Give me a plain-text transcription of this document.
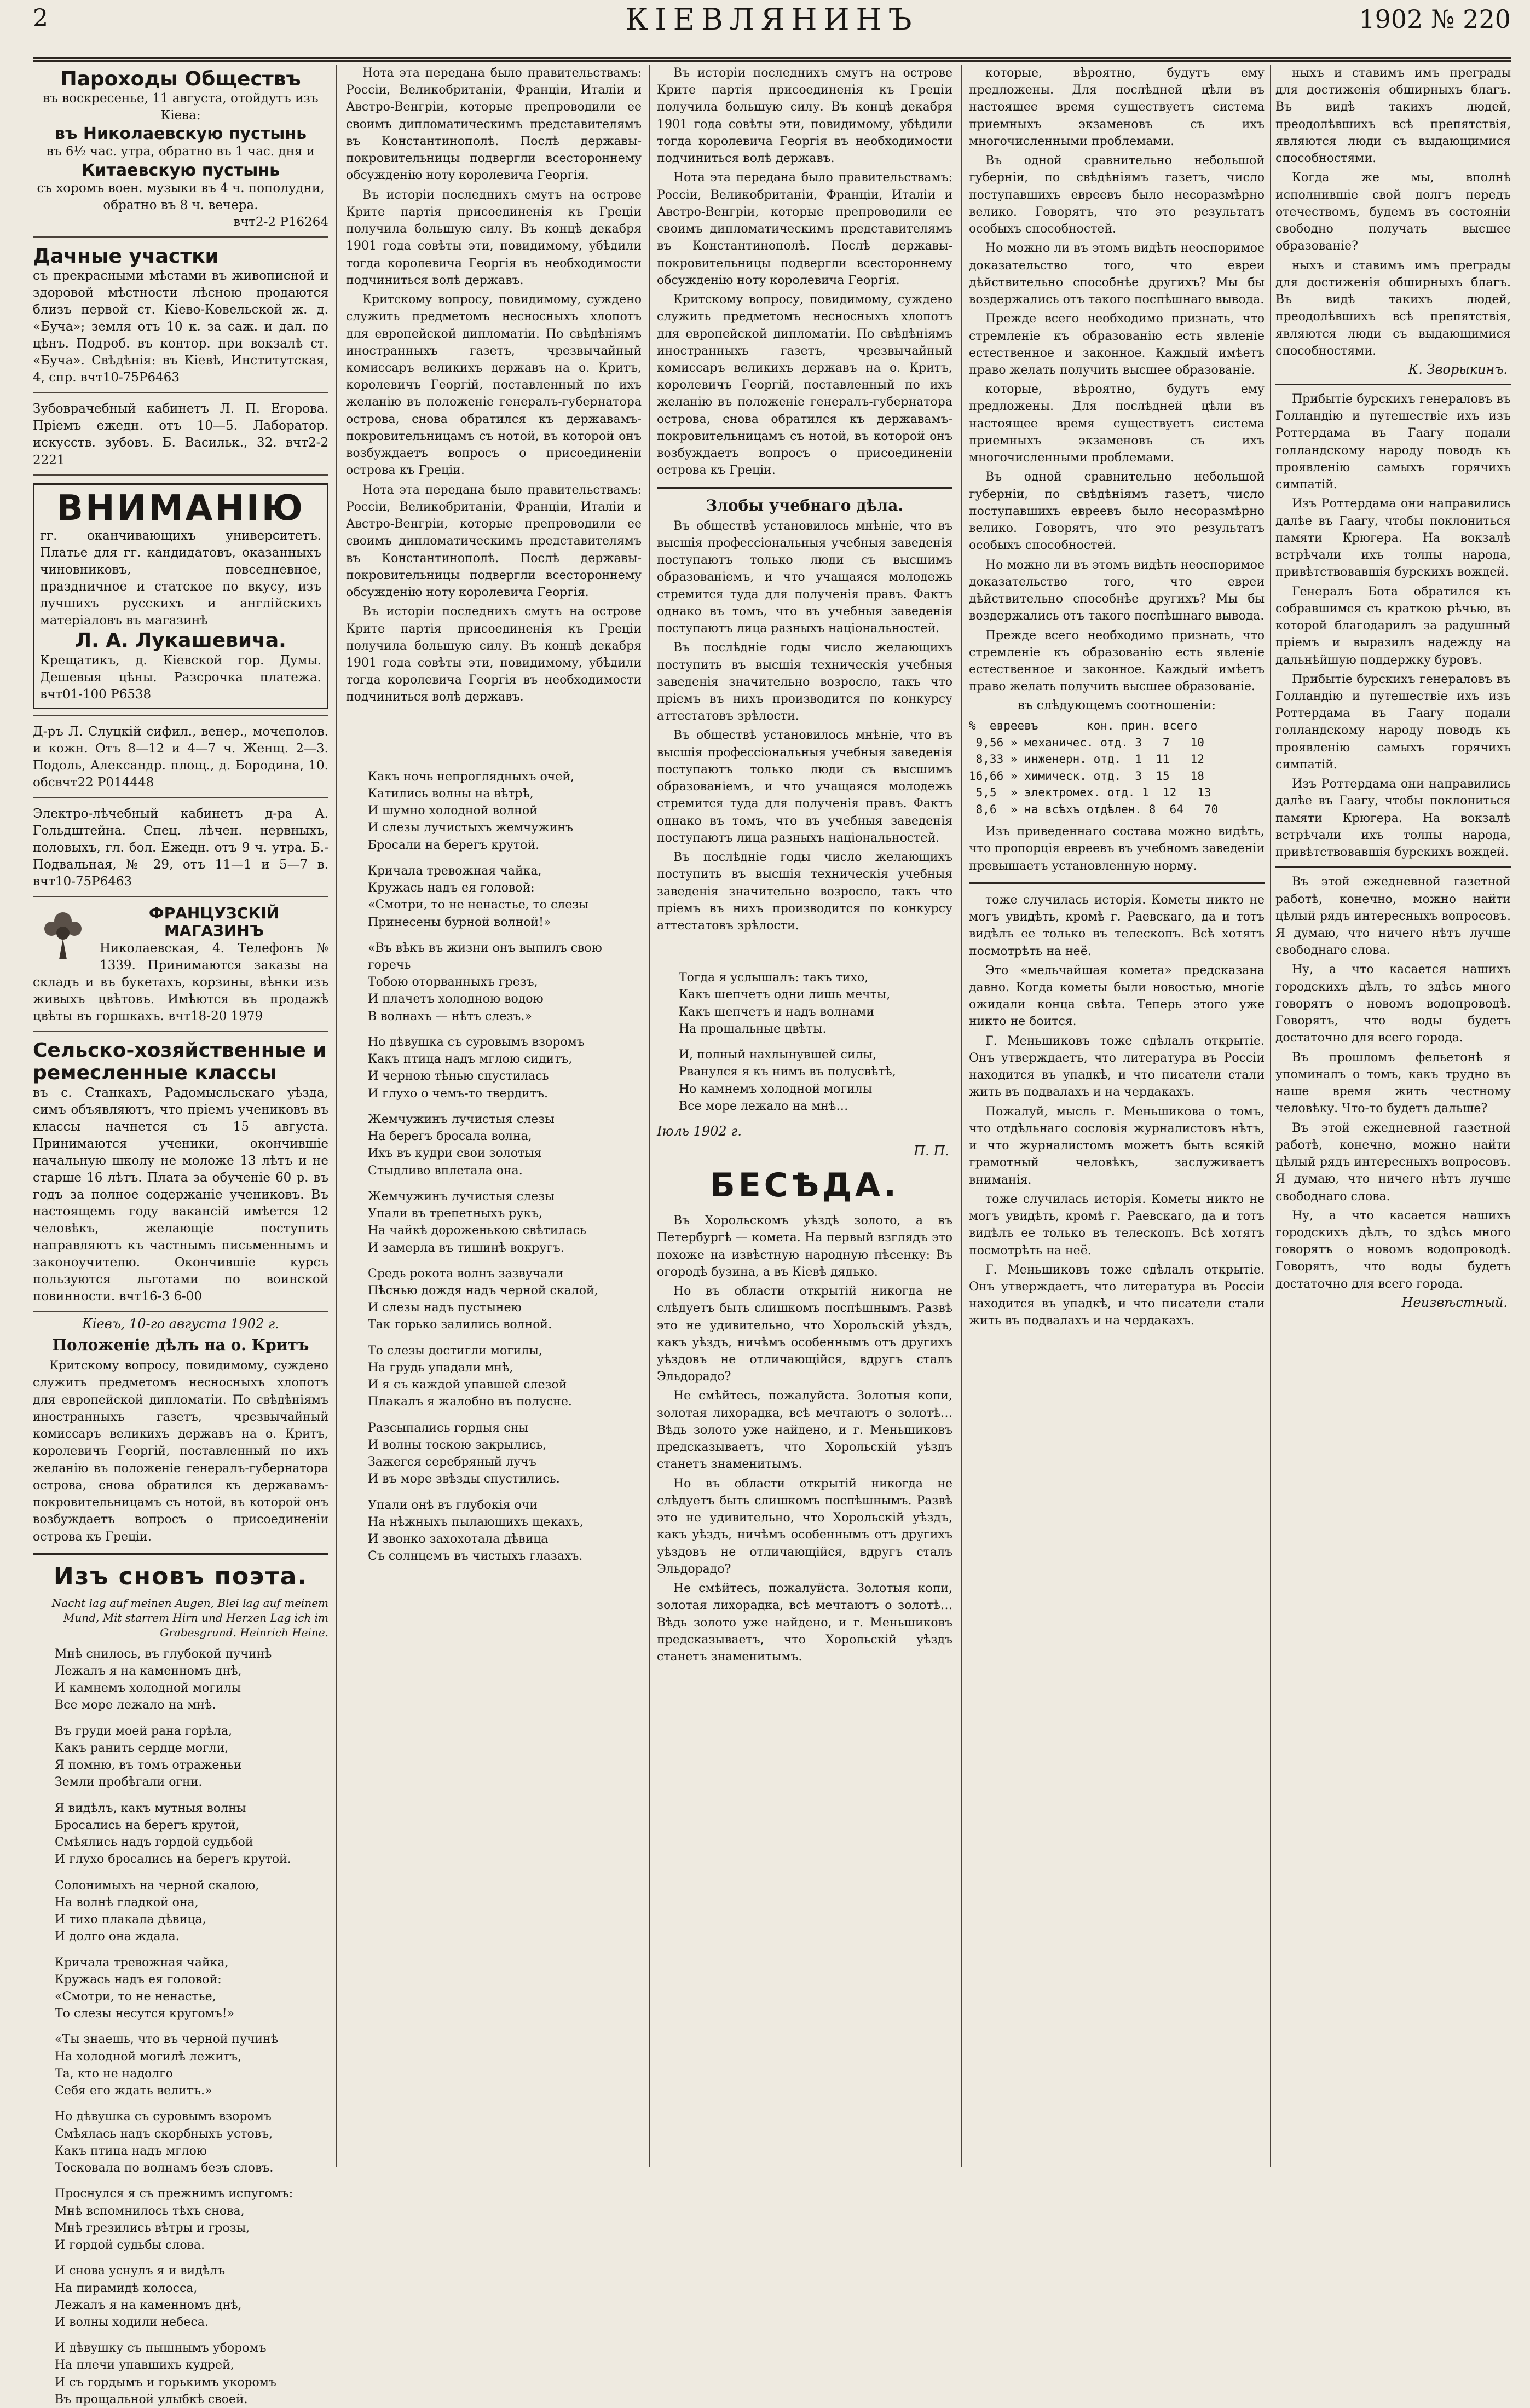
2	КІЕВЛЯНИНЪ	1902 № 220
Пароходы Обществъ
въ воскресенье, 11 августа, отойдутъ изъ Кіева:
въ Николаевскую пустынь
въ 6½ час. утра, обратно въ 1 час. дня и
Китаевскую пустынь
съ хоромъ воен. музыки въ 4 ч. пополудни, обратно въ 8 ч. вечера.
вчт2-2 Р16264
Дачные участки
съ прекрасными мѣстами въ живописной и здоровой мѣстности лѣсною продаются близъ первой ст. Кіево-Ковельской ж. д. «Буча»; земля отъ 10 к. за саж. и дал. по цѣнъ. Подроб. въ контор. при вокзалѣ ст. «Буча». Свѣдѣнія: въ Кіевѣ, Институтская, 4, спр. вчт10-75Р6463
Зубоврачебный кабинетъ Л. П. Егорова. Пріемъ ежедн. отъ 10—5. Лаборатор. искусств. зубовъ. Б. Васильк., 32. вчт2-2 2221
ВНИМАНІЮ
гг. оканчивающихъ университетъ. Платье для гг. кандидатовъ, оказанныхъ чиновниковъ, повседневное, праздничное и статское по вкусу, изъ лучшихъ русскихъ и англійскихъ матеріаловъ въ магазинѣ
Л. А. Лукашевича.
Крещатикъ, д. Кіевской гор. Думы. Дешевыя цѣны. Разсрочка платежа. вчт01-100 Р6538
Д-ръ Л. Слуцкій сифил., венер., мочеполов. и кожн. Отъ 8—12 и 4—7 ч. Женщ. 2—3. Подоль, Александр. площ., д. Бородина, 10. обсвчт22 Р014448
Электро-лѣчебный кабинетъ д-ра А. Гольдштейна. Спец. лѣчен. нервныхъ, половыхъ, гл. бол. Ежедн. отъ 9 ч. утра. Б.-Подвальная, № 29, отъ 11—1 и 5—7 в. вчт10-75Р6463
ФРАНЦУЗСКІЙ МАГАЗИНЪ
Николаевская, 4. Телефонъ № 1339. Принимаются заказы на складъ и въ букетахъ, корзины, вѣнки изъ живыхъ цвѣтовъ. Имѣются въ продажѣ цвѣты въ горшкахъ. вчт18-20 1979
Сельско-хозяйственные и ремесленные классы
въ с. Станкахъ, Радомысльскаго уѣзда, симъ объявляютъ, что пріемъ учениковъ въ классы начнется съ 15 августа. Принимаются ученики, окончившіе начальную школу не моложе 13 лѣтъ и не старше 16 лѣтъ. Плата за обученіе 60 р. въ годъ за полное содержаніе учениковъ. Въ настоящемъ году вакансій имѣется 12 человѣкъ, желающіе поступить направляютъ къ частнымъ письменнымъ и законоучителю. Окончившіе курсъ пользуются льготами по воинской повинности. вчт16-3 6-00
Кіевъ, 10-го августа 1902 г.
Положеніе дѣлъ на о. Критъ

Критскому вопросу, повидимому, суждено служить предметомъ несносныхъ хлопотъ для европейской дипломатіи. По свѣдѣніямъ иностранныхъ газетъ, чрезвычайный комиссаръ великихъ державъ на о. Критъ, королевичъ Георгій, поставленный по ихъ желанію въ положеніе генералъ-губернатора острова, снова обратился къ державамъ-покровительницамъ съ нотой, въ которой онъ возбуждаетъ вопросъ о присоединеніи острова къ Греціи.

Изъ сновъ поэта.
Nacht lag auf meinen Augen, Blei lag auf meinem Mund, Mit starrem Hirn und Herzen Lag ich im Grabesgrund. Heinrich Heine.
Мнѣ снилось, въ глубокой пучинѣ
Лежалъ я на каменномъ днѣ,
И камнемъ холодной могилы
Все море лежало на мнѣ.
Въ груди моей рана горѣла,
Какъ ранить сердце могли,
Я помню, въ томъ отраженьи
Земли пробѣгали огни.
Я видѣлъ, какъ мутныя волны
Бросались на берегъ крутой,
Смѣялись надъ гордой судьбой
И глухо бросались на берегъ крутой.
Солонимыхъ на черной скалою,
На волнѣ гладкой она,
И тихо плакала дѣвица,
И долго она ждала.
Кричала тревожная чайка,
Кружась надъ ея головой:
«Смотри, то не ненастье,
То слезы несутся кругомъ!»
«Ты знаешь, что въ черной пучинѣ
На холодной могилѣ лежитъ,
Та, кто не надолго
Себя его ждать велитъ.»
Но дѣвушка съ суровымъ взоромъ
Смѣялась надъ скорбныхъ устовъ,
Какъ птица надъ мглою
Тосковала по волнамъ безъ словъ.
Проснулся я съ прежнимъ испугомъ:
Мнѣ вспомнилось тѣхъ снова,
Мнѣ грезились вѣтры и грозы,
И гордой судьбы слова.
И снова уснулъ я и видѣлъ
На пирамидѣ колосса,
Лежалъ я на каменномъ днѣ,
И волны ходили небеса.
И дѣвушку съ пышнымъ уборомъ
На плечи упавшихъ кудрей,
И съ гордымъ и горькимъ укоромъ
Въ прощальной улыбкѣ своей.

Нота эта передана было правительствамъ: Россіи, Великобританіи, Франціи, Италіи и Австро-Венгріи, которые препроводили ее своимъ дипломатическимъ представителямъ въ Константинополѣ. Послѣ державы-покровительницы подвергли всестороннему обсужденію ноту королевича Георгія.

Въ исторіи последнихъ смутъ на острове Крите партія присоединенія къ Греціи получила большую силу. Въ концѣ декабря 1901 года совѣты эти, повидимому, убѣдили тогда королевича Георгія въ необходимости подчиниться волѣ державъ.

Критскому вопросу, повидимому, суждено служить предметомъ несносныхъ хлопотъ для европейской дипломатіи. По свѣдѣніямъ иностранныхъ газетъ, чрезвычайный комиссаръ великихъ державъ на о. Критъ, королевичъ Георгій, поставленный по ихъ желанію въ положеніе генералъ-губернатора острова, снова обратился къ державамъ-покровительницамъ съ нотой, въ которой онъ возбуждаетъ вопросъ о присоединеніи острова къ Греціи.

Нота эта передана было правительствамъ: Россіи, Великобританіи, Франціи, Италіи и Австро-Венгріи, которые препроводили ее своимъ дипломатическимъ представителямъ въ Константинополѣ. Послѣ державы-покровительницы подвергли всестороннему обсужденію ноту королевича Георгія.

Въ исторіи последнихъ смутъ на острове Крите партія присоединенія къ Греціи получила большую силу. Въ концѣ декабря 1901 года совѣты эти, повидимому, убѣдили тогда королевича Георгія въ необходимости подчиниться волѣ державъ.

Какъ ночь непроглядныхъ очей,
Катились волны на вѣтрѣ,
И шумно холодной волной
И слезы лучистыхъ жемчужинъ
Бросали на берегъ крутой.
Кричала тревожная чайка,
Кружась надъ ея головой:
«Смотри, то не ненастье, то слезы
Принесены бурной волной!»
«Въ вѣкъ въ жизни онъ выпилъ свою горечь
Тобою оторванныхъ грезъ,
И плачетъ холодною водою
В волнахъ — нѣтъ слезъ.»
Но дѣвушка съ суровымъ взоромъ
Какъ птица надъ мглою сидитъ,
И черною тѣнью спустилась
И глухо о чемъ-то твердитъ.
Жемчужинъ лучистыя слезы
На берегъ бросала волна,
Ихъ въ кудри свои золотыя
Стыдливо вплетала она.
Жемчужинъ лучистыя слезы
Упали въ трепетныхъ рукъ,
На чайкѣ дороженькою свѣтилась
И замерла въ тишинѣ вокругъ.
Средь рокота волнъ зазвучали
Пѣснью дождя надъ черной скалой,
И слезы надъ пустынею
Так горько залились волной.
То слезы достигли могилы,
На грудь упадали мнѣ,
И я съ каждой упавшей слезой
Плакалъ я жалобно въ полусне.
Разсыпались гордыя сны
И волны тоскою закрылись,
Зажегся серебряный лучъ
И въ море звѣзды спустились.
Упали онѣ въ глубокія очи
На нѣжныхъ пылающихъ щекахъ,
И звонко захохотала дѣвица
Съ солнцемъ въ чистыхъ глазахъ.

Въ исторіи последнихъ смутъ на острове Крите партія присоединенія къ Греціи получила большую силу. Въ концѣ декабря 1901 года совѣты эти, повидимому, убѣдили тогда королевича Георгія въ необходимости подчиниться волѣ державъ.

Нота эта передана было правительствамъ: Россіи, Великобританіи, Франціи, Италіи и Австро-Венгріи, которые препроводили ее своимъ дипломатическимъ представителямъ въ Константинополѣ. Послѣ державы-покровительницы подвергли всестороннему обсужденію ноту королевича Георгія.

Критскому вопросу, повидимому, суждено служить предметомъ несносныхъ хлопотъ для европейской дипломатіи. По свѣдѣніямъ иностранныхъ газетъ, чрезвычайный комиссаръ великихъ державъ на о. Критъ, королевичъ Георгій, поставленный по ихъ желанію въ положеніе генералъ-губернатора острова, снова обратился къ державамъ-покровительницамъ съ нотой, въ которой онъ возбуждаетъ вопросъ о присоединеніи острова къ Греціи.

Злобы учебнаго дѣла.

Въ обществѣ установилось мнѣніе, что въ высшія профессіональныя учебныя заведенія поступаютъ только люди съ высшимъ образованіемъ, и что учащаяся молодежь стремится туда для полученія правъ. Фактъ однако въ томъ, что въ учебныя заведенія поступаютъ лица разныхъ національностей.

Въ послѣдніе годы число желающихъ поступить въ высшія техническія учебныя заведенія значительно возросло, такъ что пріемъ въ нихъ производится по конкурсу аттестатовъ зрѣлости.

Въ обществѣ установилось мнѣніе, что въ высшія профессіональныя учебныя заведенія поступаютъ только люди съ высшимъ образованіемъ, и что учащаяся молодежь стремится туда для полученія правъ. Фактъ однако въ томъ, что въ учебныя заведенія поступаютъ лица разныхъ національностей.

Въ послѣдніе годы число желающихъ поступить въ высшія техническія учебныя заведенія значительно возросло, такъ что пріемъ въ нихъ производится по конкурсу аттестатовъ зрѣлости.

Тогда я услышалъ: такъ тихо,
Какъ шепчетъ одни лишь мечты,
Какъ шепчетъ и надъ волнами
На прощальные цвѣты.
И, полный нахлынувшей силы,
Рванулся я къ нимъ въ полусвѣтѣ,
Но камнемъ холодной могилы
Все море лежало на мнѣ…
Іюль 1902 г.
П. П.
БЕСѢДА.

Въ Хорольскомъ уѣздѣ золото, а въ Петербургѣ — комета. На первый взглядъ это похоже на извѣстную народную пѣсенку: Въ огородѣ бузина, а въ Кіевѣ дядько.

Но въ области открытій никогда не слѣдуетъ быть слишкомъ поспѣшнымъ. Развѣ это не удивительно, что Хорольскій уѣздъ, какъ уѣздъ, ничѣмъ особеннымъ отъ другихъ уѣздовъ не отличающійся, вдругъ сталъ Эльдорадо?

Не смѣйтесь, пожалуйста. Золотыя копи, золотая лихорадка, всѣ мечтаютъ о золотѣ… Вѣдь золото уже найдено, и г. Меньшиковъ предсказываетъ, что Хорольскій уѣздъ станетъ знаменитымъ.

Но въ области открытій никогда не слѣдуетъ быть слишкомъ поспѣшнымъ. Развѣ это не удивительно, что Хорольскій уѣздъ, какъ уѣздъ, ничѣмъ особеннымъ отъ другихъ уѣздовъ не отличающійся, вдругъ сталъ Эльдорадо?

Не смѣйтесь, пожалуйста. Золотыя копи, золотая лихорадка, всѣ мечтаютъ о золотѣ… Вѣдь золото уже найдено, и г. Меньшиковъ предсказываетъ, что Хорольскій уѣздъ станетъ знаменитымъ.

которые, вѣроятно, будутъ ему предложены. Для послѣдней цѣли въ настоящее время существуетъ система приемныхъ экзаменовъ съ ихъ многочисленными проблемами.

Въ одной сравнительно небольшой губерніи, по свѣдѣніямъ газетъ, число поступавшихъ евреевъ было несоразмѣрно велико. Говорятъ, что это результатъ особыхъ способностей.

Но можно ли въ этомъ видѣть неоспоримое доказательство того, что евреи дѣйствительно способнѣе другихъ? Мы бы воздержались отъ такого поспѣшнаго вывода.

Прежде всего необходимо признать, что стремленіе къ образованію есть явленіе естественное и законное. Каждый имѣетъ право желать получить высшее образованіе.

которые, вѣроятно, будутъ ему предложены. Для послѣдней цѣли въ настоящее время существуетъ система приемныхъ экзаменовъ съ ихъ многочисленными проблемами.

Въ одной сравнительно небольшой губерніи, по свѣдѣніямъ газетъ, число поступавшихъ евреевъ было несоразмѣрно велико. Говорятъ, что это результатъ особыхъ способностей.

Но можно ли въ этомъ видѣть неоспоримое доказательство того, что евреи дѣйствительно способнѣе другихъ? Мы бы воздержались отъ такого поспѣшнаго вывода.

Прежде всего необходимо признать, что стремленіе къ образованію есть явленіе естественное и законное. Каждый имѣетъ право желать получить высшее образованіе.

въ слѣдующемъ соотношеніи:
%  евреевъ       кон. прин. всего
9,56 » механичес. отд. 3   7   10
8,33 » инженерн. отд.  1  11   12
16,66 » химическ. отд.  3  15   18
5,5  » электромех. отд. 1  12   13
8,6  » на всѣхъ отдѣлен. 8  64   70

Изъ приведеннаго состава можно видѣть, что пропорція евреевъ въ учебномъ заведеніи превышаетъ установленную норму.

тоже случилась исторія. Кометы никто не могъ увидѣть, кромѣ г. Раевскаго, да и тотъ видѣлъ ее только въ телескопъ. Всѣ хотятъ посмотрѣть на неё.

Это «мельчайшая комета» предсказана давно. Когда кометы были новостью, многіе ожидали конца свѣта. Теперь этого уже никто не боится.

Г. Меньшиковъ тоже сдѣлалъ открытіе. Онъ утверждаетъ, что литература въ Россіи находится въ упадкѣ, и что писатели стали жить въ подвалахъ и на чердакахъ.

Пожалуй, мысль г. Меньшикова о томъ, что отдѣльнаго сословія журналистовъ нѣтъ, и что журналистомъ можетъ быть всякій грамотный человѣкъ, заслуживаетъ вниманія.

тоже случилась исторія. Кометы никто не могъ увидѣть, кромѣ г. Раевскаго, да и тотъ видѣлъ ее только въ телескопъ. Всѣ хотятъ посмотрѣть на неё.

Г. Меньшиковъ тоже сдѣлалъ открытіе. Онъ утверждаетъ, что литература въ Россіи находится въ упадкѣ, и что писатели стали жить въ подвалахъ и на чердакахъ.

ныхъ и ставимъ имъ преграды для достиженія обширныхъ благъ. Въ видѣ такихъ людей, преодолѣвшихъ всѣ препятствія, являются люди съ выдающимися способностями.

Когда же мы, вполнѣ исполнившіе свой долгъ передъ отечествомъ, будемъ въ состояніи свободно получать высшее образованіе?

ныхъ и ставимъ имъ преграды для достиженія обширныхъ благъ. Въ видѣ такихъ людей, преодолѣвшихъ всѣ препятствія, являются люди съ выдающимися способностями.

К. Зворыкинъ.

Прибытіе бурскихъ генераловъ въ Голландію и путешествіе ихъ изъ Роттердама въ Гаагу подали голландскому народу поводъ къ проявленію самыхъ горячихъ симпатій.

Изъ Роттердама они направились далѣе въ Гаагу, чтобы поклониться памяти Крюгера. На вокзалѣ встрѣчали ихъ толпы народа, привѣтствовавшія бурскихъ вождей.

Генералъ Бота обратился къ собравшимся съ краткою рѣчью, въ которой благодарилъ за радушный пріемъ и выразилъ надежду на дальнѣйшую поддержку буровъ.

Прибытіе бурскихъ генераловъ въ Голландію и путешествіе ихъ изъ Роттердама въ Гаагу подали голландскому народу поводъ къ проявленію самыхъ горячихъ симпатій.

Изъ Роттердама они направились далѣе въ Гаагу, чтобы поклониться памяти Крюгера. На вокзалѣ встрѣчали ихъ толпы народа, привѣтствовавшія бурскихъ вождей.

Въ этой ежедневной газетной работѣ, конечно, можно найти цѣлый рядъ интересныхъ вопросовъ. Я думаю, что ничего нѣтъ лучше свободнаго слова.

Ну, а что касается нашихъ городскихъ дѣлъ, то здѣсь много говорятъ о новомъ водопроводѣ. Говорятъ, что воды будетъ достаточно для всего города.

Въ прошломъ фельетонѣ я упоминалъ о томъ, какъ трудно въ наше время жить честному человѣку. Что-то будетъ дальше?

Въ этой ежедневной газетной работѣ, конечно, можно найти цѣлый рядъ интересныхъ вопросовъ. Я думаю, что ничего нѣтъ лучше свободнаго слова.

Ну, а что касается нашихъ городскихъ дѣлъ, то здѣсь много говорятъ о новомъ водопроводѣ. Говорятъ, что воды будетъ достаточно для всего города.

Неизвѣстный.
